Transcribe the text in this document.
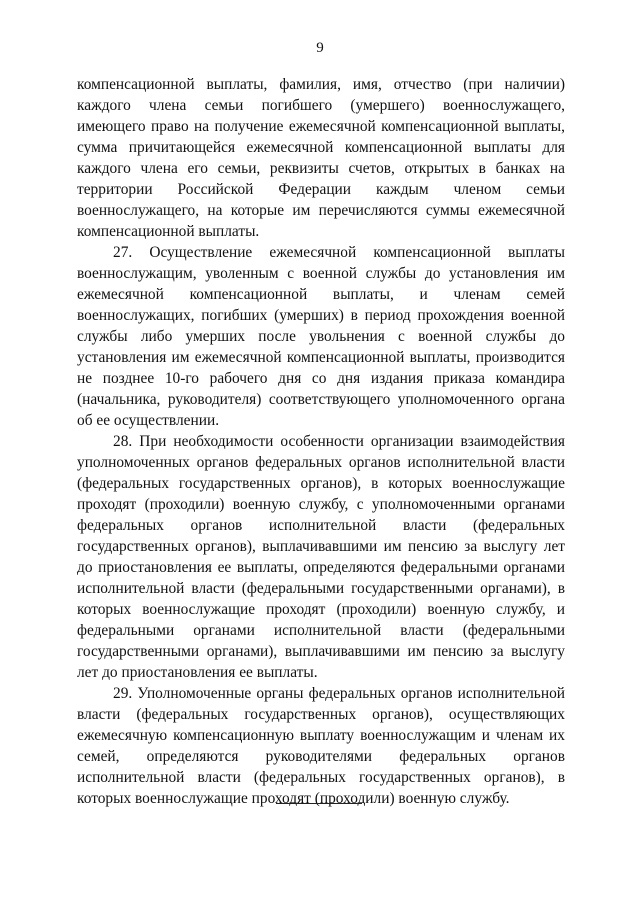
9

компенсационной выплаты, фамилия, имя, отчество (при наличии) каждого члена семьи погибшего (умершего) военнослужащего, имеющего право на получение ежемесячной компенсационной выплаты, сумма причитающейся ежемесячной компенсационной выплаты для каждого члена его семьи, реквизиты счетов, открытых в банках на территории Российской Федерации каждым членом семьи военнослужащего, на которые им перечисляются суммы ежемесячной компенсационной выплаты.

27. Осуществление ежемесячной компенсационной выплаты военнослужащим, уволенным с военной службы до установления им ежемесячной компенсационной выплаты, и членам семей военнослужащих, погибших (умерших) в период прохождения военной службы либо умерших после увольнения с военной службы до установления им ежемесячной компенсационной выплаты, производится не позднее 10-го рабочего дня со дня издания приказа командира (начальника, руководителя) соответствующего уполномоченного органа об ее осуществлении.

28. При необходимости особенности организации взаимодействия уполномоченных органов федеральных органов исполнительной власти (федеральных государственных органов), в которых военнослужащие проходят (проходили) военную службу, с уполномоченными органами федеральных органов исполнительной власти (федеральных государственных органов), выплачивавшими им пенсию за выслугу лет до приостановления ее выплаты, определяются федеральными органами исполнительной власти (федеральными государственными органами), в которых военнослужащие проходят (проходили) военную службу, и федеральными органами исполнительной власти (федеральными государственными органами), выплачивавшими им пенсию за выслугу лет до приостановления ее выплаты.

29. Уполномоченные органы федеральных органов исполнительной власти (федеральных государственных органов), осуществляющих ежемесячную компенсационную выплату военнослужащим и членам их семей, определяются руководителями федеральных органов исполнительной власти (федеральных государственных органов), в которых военнослужащие проходят (проходили) военную службу.
